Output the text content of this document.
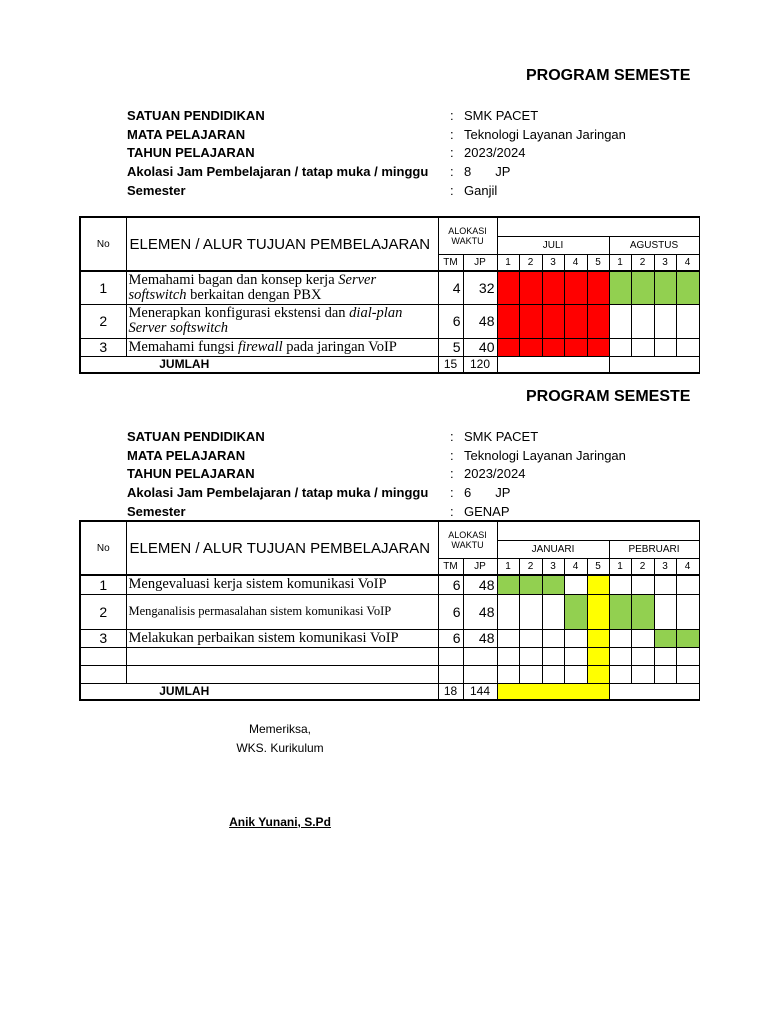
PROGRAM SEMESTE
SATUAN PENDIDIKAN	: SMK PACET
MATA PELAJARAN	: Teknologi Layanan Jaringan
TAHUN PELAJARAN	: 2023/2024
Akolasi Jam Pembelajaran / tatap muka / minggu	: 8 JP
Semester	: Ganjil
No	ELEMEN / ALUR TUJUAN PEMBELAJARAN	ALOKASI WAKTU										
				JULI					AGUSTUS			
		TM	JP	1	2	3	4	5	1	2	3	4
1	Memahami bagan dan konsep kerja Server softswitch berkaitan dengan PBX	4	32									
2	Menerapkan konfigurasi ekstensi dan dial-plan Server softswitch	6	48									
3	Memahami fungsi firewall pada jaringan VoIP	5	40									
JUMLAH		15	120									
PROGRAM SEMESTE
SATUAN PENDIDIKAN	: SMK PACET
MATA PELAJARAN	: Teknologi Layanan Jaringan
TAHUN PELAJARAN	: 2023/2024
Akolasi Jam Pembelajaran / tatap muka / minggu	: 6 JP
Semester	: GENAP
No	ELEMEN / ALUR TUJUAN PEMBELAJARAN	ALOKASI WAKTU										
				JANUARI					PEBRUARI			
		TM	JP	1	2	3	4	5	1	2	3	4
1	Mengevaluasi kerja sistem komunikasi VoIP	6	48									
2	Menganalisis permasalahan sistem komunikasi VoIP	6	48									
3	Melakukan perbaikan sistem komunikasi VoIP	6	48									

JUMLAH		18	144									
Memeriksa,
WKS. Kurikulum
Anik Yunani, S.Pd
